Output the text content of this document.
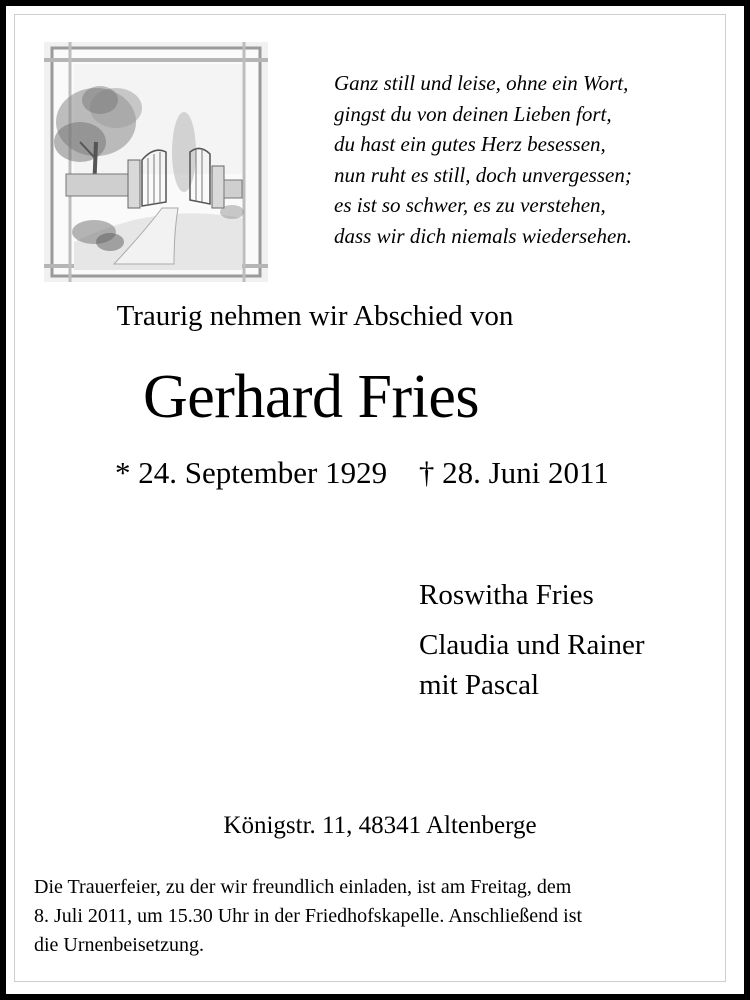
Ganz still und leise, ohne ein Wort,
gingst du von deinen Lieben fort,
du hast ein gutes Herz besessen,
nun ruht es still, doch unvergessen;
es ist so schwer, es zu verstehen,
dass wir dich niemals wiedersehen.
Traurig nehmen wir Abschied von
Gerhard Fries
* 24. September 1929 † 28. Juni 2011
Roswitha Fries
Claudia und Rainer
mit Pascal
Königstr. 11, 48341 Altenberge
Die Trauerfeier, zu der wir freundlich einladen, ist am Freitag, dem
8. Juli 2011, um 15.30 Uhr in der Friedhofskapelle. Anschließend ist
die Urnenbeisetzung.
